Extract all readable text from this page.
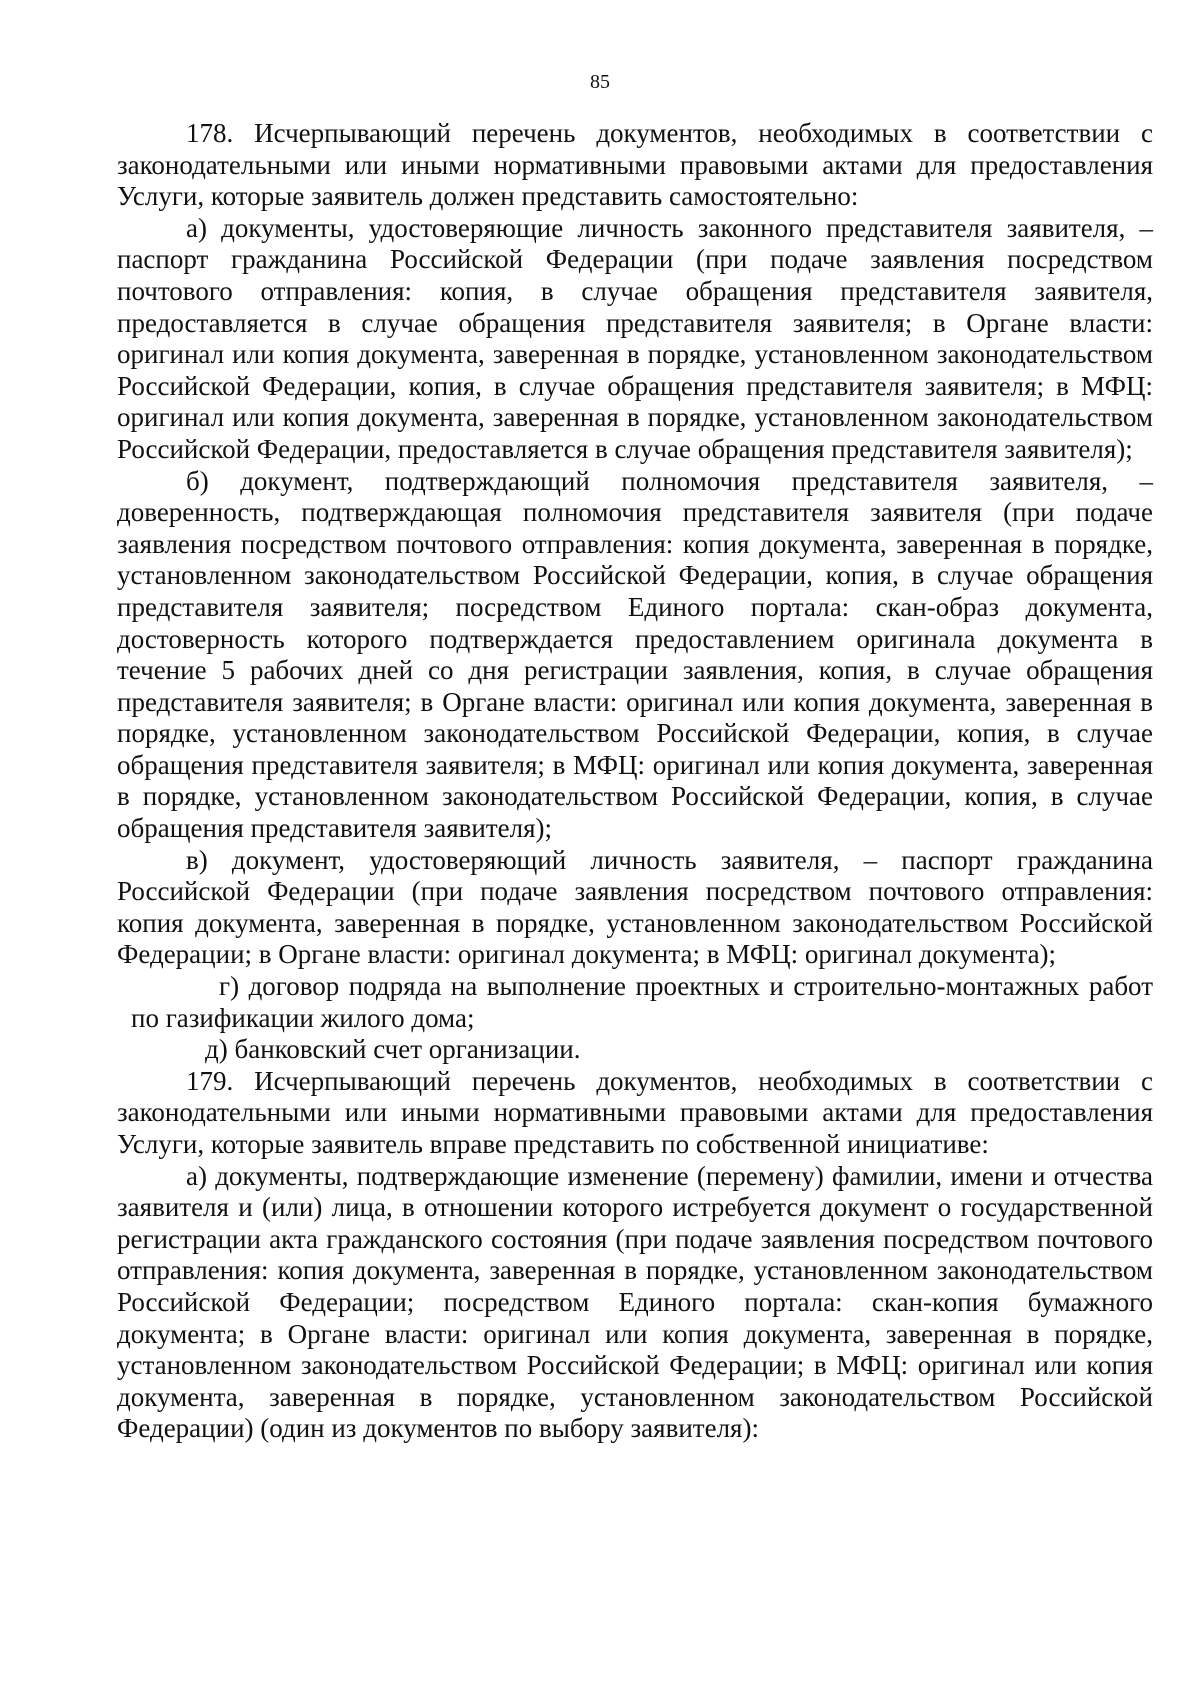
85

178. Исчерпывающий перечень документов, необходимых в соответствии с законодательными или иными нормативными правовыми актами для предоставления Услуги, которые заявитель должен представить самостоятельно:

а) документы, удостоверяющие личность законного представителя заявителя, – паспорт гражданина Российской Федерации (при подаче заявления посредством почтового отправления: копия, в случае обращения представителя заявителя, предоставляется в случае обращения представителя заявителя; в Органе власти: оригинал или копия документа, заверенная в порядке, установленном законодательством Российской Федерации, копия, в случае обращения представителя заявителя; в МФЦ: оригинал или копия документа, заверенная в порядке, установленном законодательством Российской Федерации, предоставляется в случае обращения представителя заявителя);

б) документ, подтверждающий полномочия представителя заявителя, – доверенность, подтверждающая полномочия представителя заявителя (при подаче заявления посредством почтового отправления: копия документа, заверенная в порядке, установленном законодательством Российской Федерации, копия, в случае обращения представителя заявителя; посредством Единого портала: скан-образ документа, достоверность которого подтверждается предоставлением оригинала документа в течение 5 рабочих дней со дня регистрации заявления, копия, в случае обращения представителя заявителя; в Органе власти: оригинал или копия документа, заверенная в порядке, установленном законодательством Российской Федерации, копия, в случае обращения представителя заявителя; в МФЦ: оригинал или копия документа, заверенная в порядке, установленном законодательством Российской Федерации, копия, в случае обращения представителя заявителя);

в) документ, удостоверяющий личность заявителя, – паспорт гражданина Российской Федерации (при подаче заявления посредством почтового отправления: копия документа, заверенная в порядке, установленном законодательством Российской Федерации; в Органе власти: оригинал документа; в МФЦ: оригинал документа);

г) договор подряда на выполнение проектных и строительно-монтажных работ по газификации жилого дома;

д) банковский счет организации.

179. Исчерпывающий перечень документов, необходимых в соответствии с законодательными или иными нормативными правовыми актами для предоставления Услуги, которые заявитель вправе представить по собственной инициативе:

а) документы, подтверждающие изменение (перемену) фамилии, имени и отчества заявителя и (или) лица, в отношении которого истребуется документ о государственной регистрации акта гражданского состояния (при подаче заявления посредством почтового отправления: копия документа, заверенная в порядке, установленном законодательством Российской Федерации; посредством Единого портала: скан-копия бумажного документа; в Органе власти: оригинал или копия документа, заверенная в порядке, установленном законодательством Российской Федерации; в МФЦ: оригинал или копия документа, заверенная в порядке, установленном законодательством Российской Федерации) (один из документов по выбору заявителя):
